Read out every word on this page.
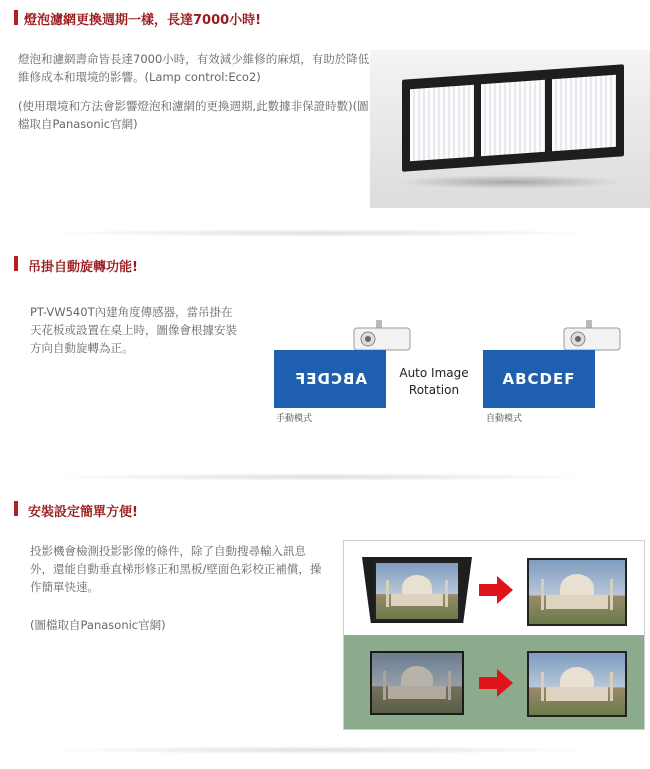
燈泡濾網更換週期一樣，長達7000小時!
燈泡和濾網壽命皆長達7000小時，有效減少維修的麻煩，有助於降低維修成本和環境的影響。(Lamp control:Eco2)
(使用環境和方法會影響燈泡和濾網的更換週期,此數據非保證時數)(圖檔取自Panasonic官網)
吊掛自動旋轉功能!
PT-VW540T內建角度傳感器，當吊掛在天花板或設置在桌上時，圖像會根據安裝方向自動旋轉為正。
ABCDEF
手動模式
Auto Image
Rotation
ABCDEF
自動模式
安裝設定簡單方便!
投影機會檢測投影影像的條件，除了自動搜尋輸入訊息外，還能自動垂直梯形修正和黑板/壁面色彩校正補償，操作簡單快速。
(圖檔取自Panasonic官網)
